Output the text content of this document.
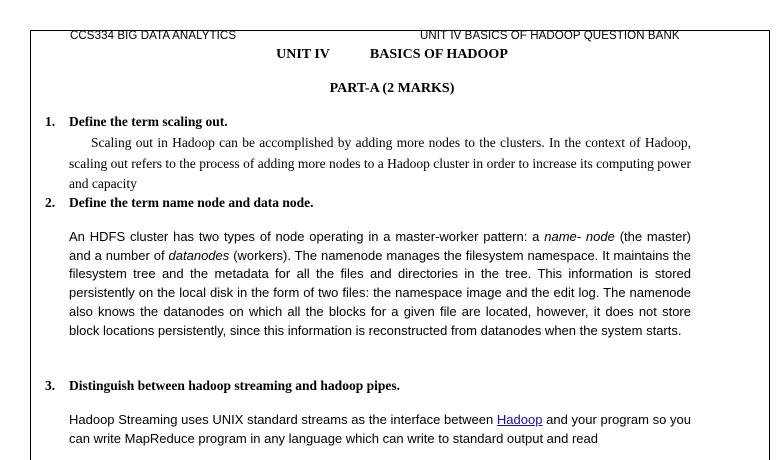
CCS334 BIG DATA ANALYTICS	UNIT IV BASICS OF HADOOP QUESTION BANK
UNIT IV	BASICS OF HADOOP
PART-A (2 MARKS)
1. Define the term scaling out.
Scaling out in Hadoop can be accomplished by adding more nodes to the clusters. In the context of Hadoop, scaling out refers to the process of adding more nodes to a Hadoop cluster in order to increase its computing power and capacity
2. Define the term name node and data node.
An HDFS cluster has two types of node operating in a master-worker pattern: a name- node (the master) and a number of datanodes (workers). The namenode manages the filesystem namespace. It maintains the filesystem tree and the metadata for all the files and directories in the tree. This information is stored persistently on the local disk in the form of two files: the namespace image and the edit log. The namenode also knows the datanodes on which all the blocks for a given file are located, however, it does not store block locations persistently, since this information is reconstructed from datanodes when the system starts.
3. Distinguish between hadoop streaming and hadoop pipes.
Hadoop Streaming uses UNIX standard streams as the interface between Hadoop and your program so you can write MapReduce program in any language which can write to standard output and read
